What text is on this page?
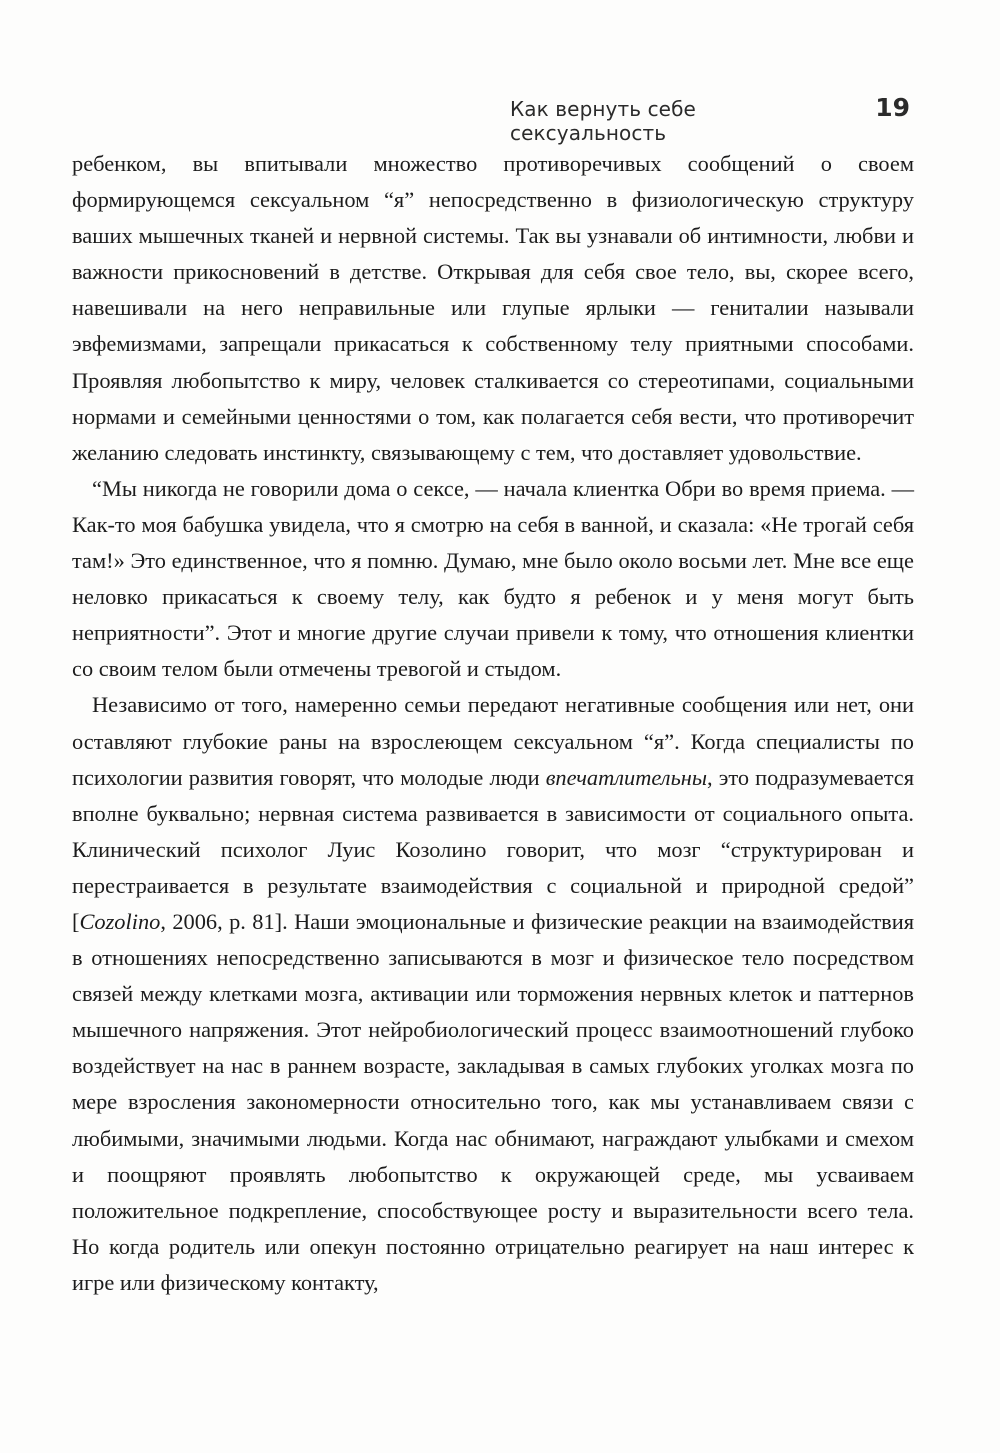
Как вернуть себе сексуальность
19

ребенком, вы впитывали множество противоречивых сообщений о своем формирующемся сексуальном “я” непосредственно в физиологическую структуру ваших мышечных тканей и нервной системы. Так вы узнавали об интимности, любви и важности прикосновений в детстве. Открывая для себя свое тело, вы, скорее всего, навешивали на него неправильные или глупые ярлыки — гениталии называли эвфемизмами, запрещали прикасаться к собственному телу приятными способами. Проявляя любопытство к миру, человек сталкивается со стереотипами, социальными нормами и семейными ценностями о том, как полагается себя вести, что противоречит желанию следовать инстинкту, связывающему с тем, что доставляет удовольствие.

“Мы никогда не говорили дома о сексе, — начала клиентка Обри во время приема. — Как-то моя бабушка увидела, что я смотрю на себя в ванной, и сказала: «Не трогай себя там!» Это единственное, что я помню. Думаю, мне было около восьми лет. Мне все еще неловко прикасаться к своему телу, как будто я ребенок и у меня могут быть неприятности”. Этот и многие другие случаи привели к тому, что отношения клиентки со своим телом были отмечены тревогой и стыдом.

Независимо от того, намеренно семьи передают негативные сообщения или нет, они оставляют глубокие раны на взрослеющем сексуальном “я”. Когда специалисты по психологии развития говорят, что молодые люди впечатлительны, это подразумевается вполне буквально; нервная система развивается в зависимости от социального опыта. Клинический психолог Луис Козолино говорит, что мозг “структурирован и перестраивается в результате взаимодействия с социальной и природной средой” [Cozolino, 2006, p. 81]. Наши эмоциональные и физические реакции на взаимодействия в отношениях непосредственно записываются в мозг и физическое тело посредством связей между клетками мозга, активации или торможения нервных клеток и паттернов мышечного напряжения. Этот нейробиологический процесс взаимоотношений глубоко воздействует на нас в раннем возрасте, закладывая в самых глубоких уголках мозга по мере взросления закономерности относительно того, как мы устанавливаем связи с любимыми, значимыми людьми. Когда нас обнимают, награждают улыбками и смехом и поощряют проявлять любопытство к окружающей среде, мы усваиваем положительное подкрепление, способствующее росту и выразительности всего тела. Но когда родитель или опекун постоянно отрицательно реагирует на наш интерес к игре или физическому контакту,
